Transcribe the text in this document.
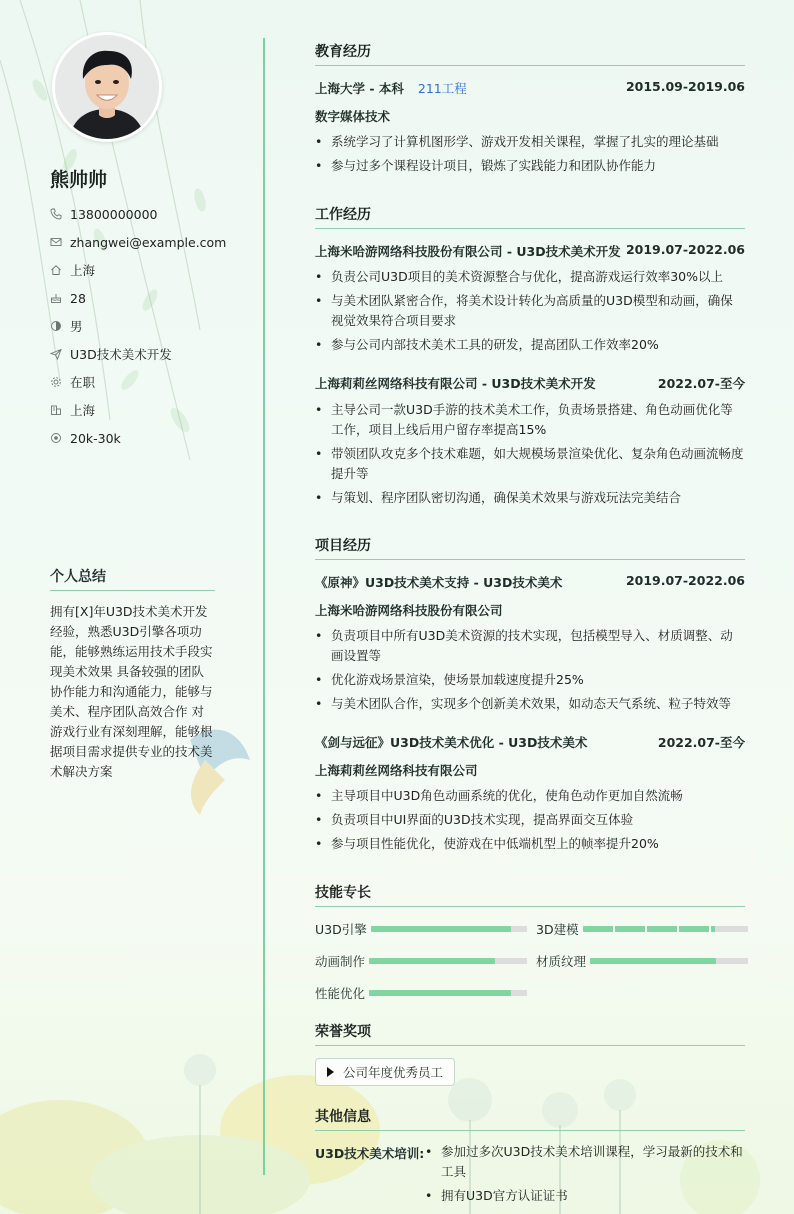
熊帅帅
13800000000
zhangwei@example.com
上海
28
男
U3D技术美术开发
在职
上海
20k-30k
个人总结
拥有[X]年U3D技术美术开发经验，熟悉U3D引擎各项功能，能够熟练运用技术手段实现美术效果 具备较强的团队协作能力和沟通能力，能够与美术、程序团队高效合作 对游戏行业有深刻理解，能够根据项目需求提供专业的技术美术解决方案
教育经历
上海大学 - 本科 211工程	2015.09-2019.06
数字媒体技术
• 系统学习了计算机图形学、游戏开发相关课程，掌握了扎实的理论基础
• 参与过多个课程设计项目，锻炼了实践能力和团队协作能力
工作经历
上海米哈游网络科技股份有限公司 - U3D技术美术开发 2019.07-2022.06
• 负责公司U3D项目的美术资源整合与优化，提高游戏运行效率30%以上
• 与美术团队紧密合作，将美术设计转化为高质量的U3D模型和动画，确保视觉效果符合项目要求
• 参与公司内部技术美术工具的研发，提高团队工作效率20%
上海莉莉丝网络科技有限公司 - U3D技术美术开发	2022.07-至今
• 主导公司一款U3D手游的技术美术工作，负责场景搭建、角色动画优化等工作，项目上线后用户留存率提高15%
• 带领团队攻克多个技术难题，如大规模场景渲染优化、复杂角色动画流畅度提升等
• 与策划、程序团队密切沟通，确保美术效果与游戏玩法完美结合
项目经历
《原神》U3D技术美术支持 - U3D技术美术	2019.07-2022.06
上海米哈游网络科技股份有限公司
• 负责项目中所有U3D美术资源的技术实现，包括模型导入、材质调整、动画设置等
• 优化游戏场景渲染，使场景加载速度提升25%
• 与美术团队合作，实现多个创新美术效果，如动态天气系统、粒子特效等
《剑与远征》U3D技术美术优化 - U3D技术美术	2022.07-至今
上海莉莉丝网络科技有限公司
• 主导项目中U3D角色动画系统的优化，使角色动作更加自然流畅
• 负责项目中UI界面的U3D技术实现，提高界面交互体验
• 参与项目性能优化，使游戏在中低端机型上的帧率提升20%
技能专长
U3D引擎	3D建模
动画制作	材质纹理
性能优化
荣誉奖项
公司年度优秀员工
其他信息
U3D技术美术培训:
•	参加过多次U3D技术美术培训课程，学习最新的技术和工具
• 拥有U3D官方认证证书
